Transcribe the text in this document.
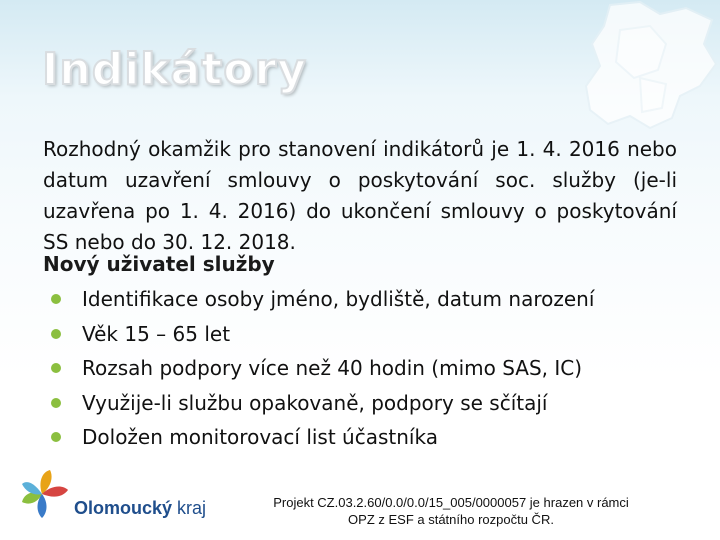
Indikátory

Rozhodný okamžik pro stanovení indikátorů je 1. 4. 2016 nebo datum uzavření smlouvy o poskytování soc. služby (je-li uzavřena po 1. 4. 2016) do ukončení smlouvy o poskytování SS nebo do 30. 12. 2018.

Nový uživatel služby
Identifikace osoby jméno, bydliště, datum narození
Věk 15 – 65 let
Rozsah podpory více než 40 hodin (mimo SAS, IC)
Využije-li službu opakovaně, podpory se sčítají
Doložen monitorovací list účastníka
Olomoucký kraj	Projekt CZ.03.2.60/0.0/0.0/15_005/0000057 je hrazen v rámci
OPZ z ESF a státního rozpočtu ČR.
